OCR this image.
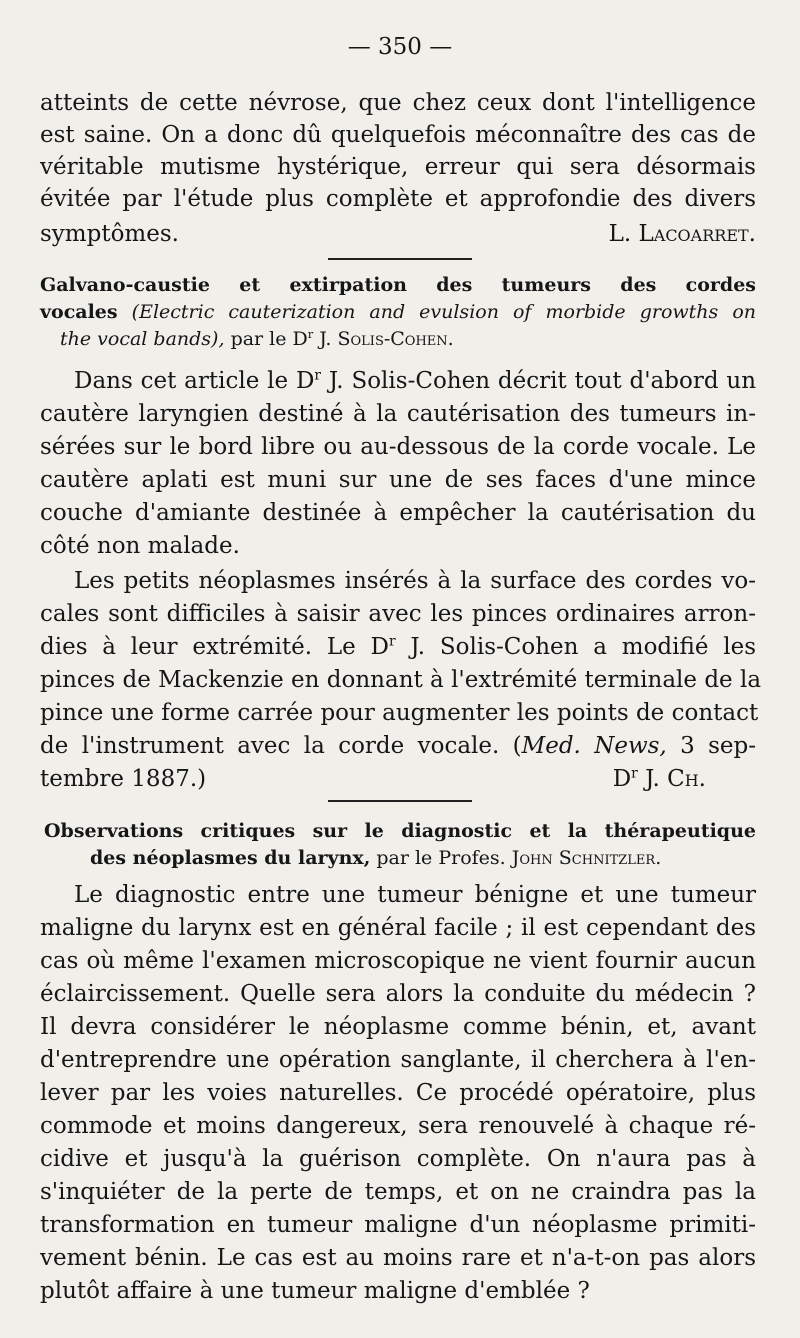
— 350 —
atteints de cette névrose, que chez ceux dont l'intelligence
est saine. On a donc dû quelquefois méconnaître des cas de
véritable mutisme hystérique, erreur qui sera désormais
évitée par l'étude plus complète et approfondie des divers
symptômes.	L. Lacoarret.
Galvano-caustie et extirpation des tumeurs des cordes
vocales (Electric cauterization and evulsion of morbide growths on
the vocal bands), par le $D^r$ J. Solis-Cohen.
Dans cet article le $D^r$ J. Solis-Cohen décrit tout d'abord un
cautère laryngien destiné à la cautérisation des tumeurs in-
sérées sur le bord libre ou au-dessous de la corde vocale. Le
cautère aplati est muni sur une de ses faces d'une mince
couche d'amiante destinée à empêcher la cautérisation du
côté non malade.
Les petits néoplasmes insérés à la surface des cordes vo-
cales sont difficiles à saisir avec les pinces ordinaires arron-
dies à leur extrémité. Le $D^r$ J. Solis-Cohen a modifié les
pinces de Mackenzie en donnant à l'extrémité terminale de la
pince une forme carrée pour augmenter les points de contact
de l'instrument avec la corde vocale. (Med. News, 3 sep-
tembre 1887.)	$D^r$ J. Ch.
Observations critiques sur le diagnostic et la thérapeutique
des néoplasmes du larynx, par le Profes. John Schnitzler.
Le diagnostic entre une tumeur bénigne et une tumeur
maligne du larynx est en général facile ; il est cependant des
cas où même l'examen microscopique ne vient fournir aucun
éclaircissement. Quelle sera alors la conduite du médecin ?
Il devra considérer le néoplasme comme bénin, et, avant
d'entreprendre une opération sanglante, il cherchera à l'en-
lever par les voies naturelles. Ce procédé opératoire, plus
commode et moins dangereux, sera renouvelé à chaque ré-
cidive et jusqu'à la guérison complète. On n'aura pas à
s'inquiéter de la perte de temps, et on ne craindra pas la
transformation en tumeur maligne d'un néoplasme primiti-
vement bénin. Le cas est au moins rare et n'a-t-on pas alors
plutôt affaire à une tumeur maligne d'emblée ?
